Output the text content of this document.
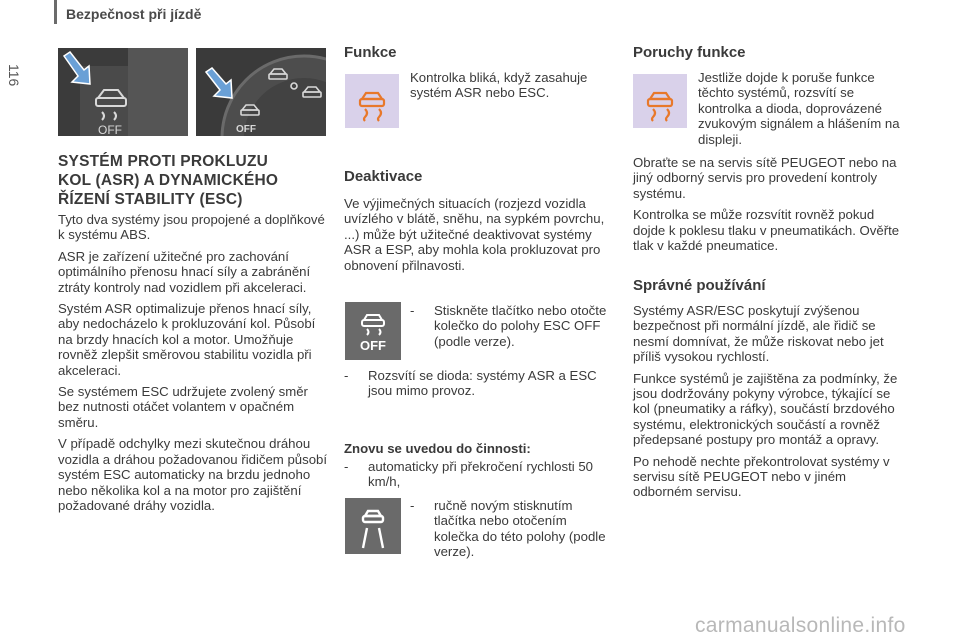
Bezpečnost při jízdě
116
OFF	OFF
SYSTÉM PROTI PROKLUZU
KOL (ASR) A DYNAMICKÉHO
ŘÍZENÍ STABILITY (ESC)

Tyto dva systémy jsou propojené a doplňkové k systému ABS.

ASR je zařízení užitečné pro zachování optimálního přenosu hnací síly a zabránění ztráty kontroly nad vozidlem při akceleraci.

Systém ASR optimalizuje přenos hnací síly, aby nedocházelo k prokluzování kol. Působí na brzdy hnacích kol a motor. Umožňuje rovněž zlepšit směrovou stabilitu vozidla při akceleraci.

Se systémem ESC udržujete zvolený směr bez nutnosti otáčet volantem v opačném směru.

V případě odchylky mezi skutečnou dráhou vozidla a dráhou požadovanou řidičem působí systém ESC automaticky na brzdu jednoho nebo několika kol a na motor pro zajištění požadované dráhy vozidla.

Funkce
Kontrolka bliká, když zasahuje systém ASR nebo ESC.
Deaktivace
Ve výjimečných situacích (rozjezd vozidla uvízlého v blátě, sněhu, na sypkém povrchu, ...) může být užitečné deaktivovat systémy ASR a ESP, aby mohla kola prokluzovat pro obnovení přilnavosti.
OFF
- Stiskněte tlačítko nebo otočte kolečko do polohy ESC OFF (podle verze).
- Rozsvítí se dioda: systémy ASR a ESC jsou mimo provoz.
Znovu se uvedou do činnosti:
- automaticky při překročení rychlosti 50 km/h,
- ručně novým stisknutím tlačítka nebo otočením kolečka do této polohy (podle verze).
Poruchy funkce
Jestliže dojde k poruše funkce těchto systémů, rozsvítí se kontrolka a dioda, doprovázené zvukovým signálem a hlášením na displeji.

Obraťte se na servis sítě PEUGEOT nebo na jiný odborný servis pro provedení kontroly systému.

Kontrolka se může rozsvítit rovněž pokud dojde k poklesu tlaku v pneumatikách. Ověřte tlak v každé pneumatice.

Správné používání

Systémy ASR/ESC poskytují zvýšenou bezpečnost při normální jízdě, ale řidič se nesmí domnívat, že může riskovat nebo jet příliš vysokou rychlostí.

Funkce systémů je zajištěna za podmínky, že jsou dodržovány pokyny výrobce, týkající se kol (pneumatiky a ráfky), součástí brzdového systému, elektronických součástí a rovněž předepsané postupy pro montáž a opravy.

Po nehodě nechte překontrolovat systémy v servisu sítě PEUGEOT nebo v jiném odborném servisu.

carmanualsonline.info
